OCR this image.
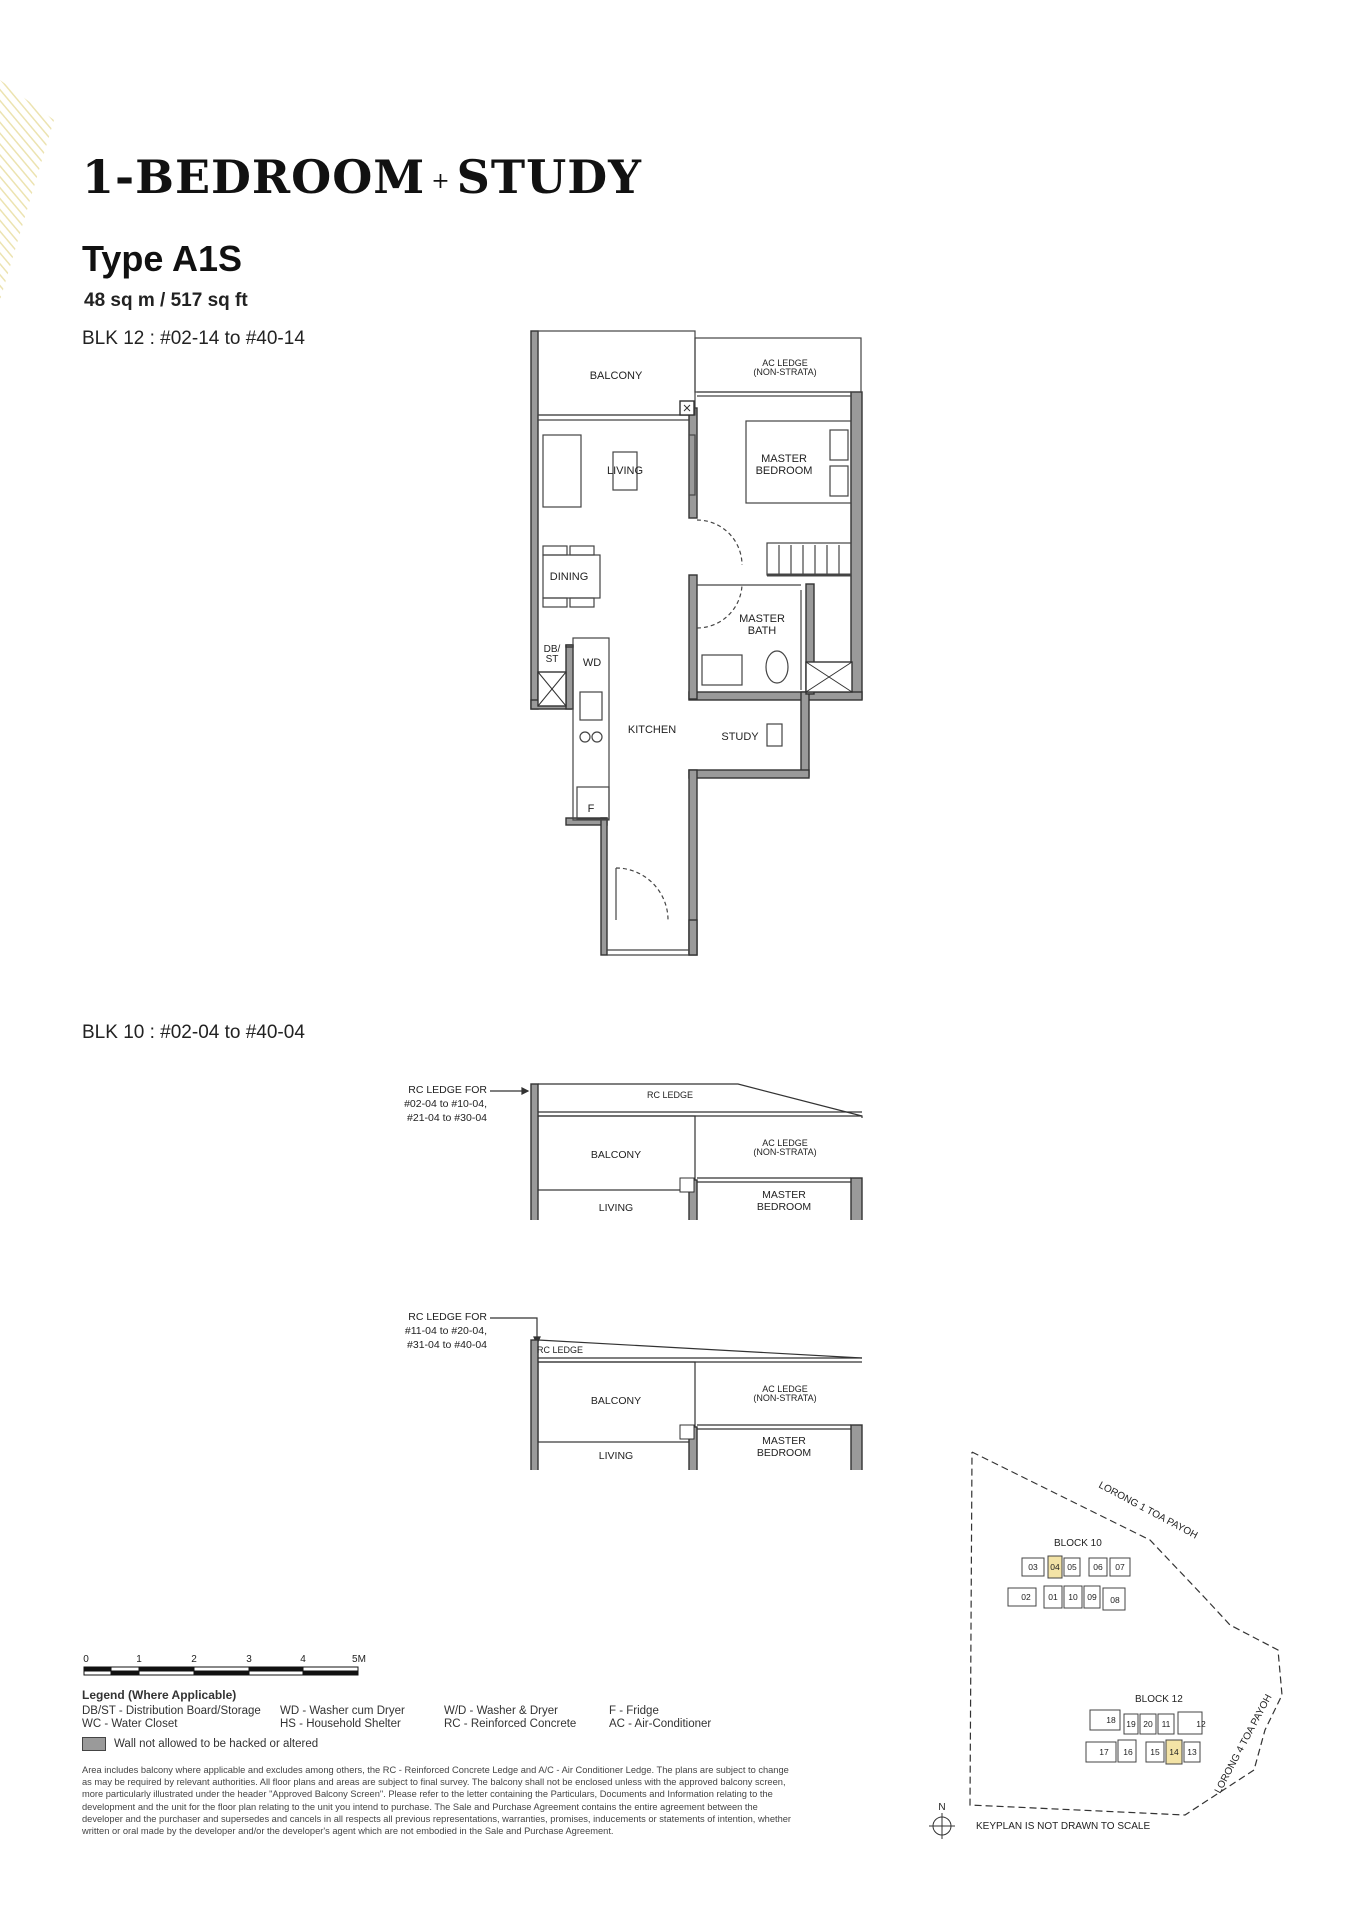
1-BEDROOM + STUDY
Type A1S
48 sq m / 517 sq ft
BLK 12 : #02-14 to #40-14
BLK 10 : #02-04 to #40-04
BALCONY
AC LEDGE
(NON-STRATA)
MASTER
BEDROOM
LIVING
DINING
MASTER
BATH
DB/
ST WD
KITCHEN
STUDY
F
RC LEDGE FOR
#02-04 to #10-04,
#21-04 to #30-04
RC LEDGE
BALCONY
AC LEDGE
(NON-STRATA)
MASTER
BEDROOM
LIVING
RC LEDGE FOR
#11-04 to #20-04,
#31-04 to #40-04	RC LEDGE
BALCONY
AC LEDGE
(NON-STRATA)
MASTER
BEDROOM
LIVING
0	1	2	3	4	5M
Legend (Where Applicable)
DB/ST - Distribution Board/Storage	WD - Washer cum Dryer	W/D - Washer & Dryer	F - Fridge
WC - Water Closet	HS - Household Shelter	RC - Reinforced Concrete	AC - Air-Conditioner
Wall not allowed to be hacked or altered
Area includes balcony where applicable and excludes among others, the RC - Reinforced Concrete Ledge and A/C - Air Conditioner Ledge. The plans are subject to change as may be required by relevant authorities. All floor plans and areas are subject to final survey. The balcony shall not be enclosed unless with the approved balcony screen, more particularly illustrated under the header "Approved Balcony Screen". Please refer to the letter containing the Particulars, Documents and Information relating to the development and the unit for the floor plan relating to the unit you intend to purchase. The Sale and Purchase Agreement contains the entire agreement between the developer and the purchaser and supersedes and cancels in all respects all previous representations, warranties, promises, inducements or statements of intention, whether written or oral made by the developer and/or the developer's agent which are not embodied in the Sale and Purchase Agreement.
LORONG 1 TOA PAYOH
LORONG 4 TOA PAYOH
BLOCK 10
BLOCK 12
03 04 05 06 07
02 01 10 09 08
18 19 20 11	12
17 16 15 14 13
N
KEYPLAN IS NOT DRAWN TO SCALE
